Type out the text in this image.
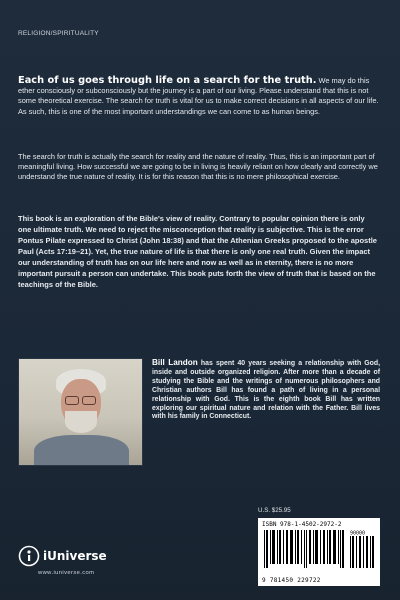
RELIGION/SPIRITUALITY

Each of us goes through life on a search for the truth. We may do this ether consciously or subconsciously but the journey is a part of our living. Please understand that this is not some theoretical exercise. The search for truth is vital for us to make correct decisions in all aspects of our life. As such, this is one of the most important understandings we can come to as human beings.

The search for truth is actually the search for reality and the nature of reality. Thus, this is an important part of meaningful living. How successful we are going to be in living is heavily reliant on how clearly and correctly we understand the true nature of reality. It is for this reason that this is no mere philosophical exercise.

This book is an exploration of the Bible's view of reality. Contrary to popular opinion there is only one ultimate truth. We need to reject the misconception that reality is subjective. This is the error Pontus Pilate expressed to Christ (John 18:38) and that the Athenian Greeks proposed to the apostle Paul (Acts 17:19–21). Yet, the true nature of life is that there is only one real truth. Given the impact our understanding of truth has on our life here and now as well as in eternity, there is no more important pursuit a person can undertake. This book puts forth the view of truth that is based on the teachings of the Bible.

Bill Landon has spent 40 years seeking a relationship with God, inside and outside organized religion. After more than a decade of studying the Bible and the writings of numerous philosophers and Christian authors Bill has found a path of living in a personal relationship with God. This is the eighth book Bill has written exploring our spiritual nature and relation with the Father. Bill lives with his family in Connecticut.

U.S. $25.95
ISBN 978-1-4502-2972-2
90000
9 781450 229722
iUniverse
www.iuniverse.com
